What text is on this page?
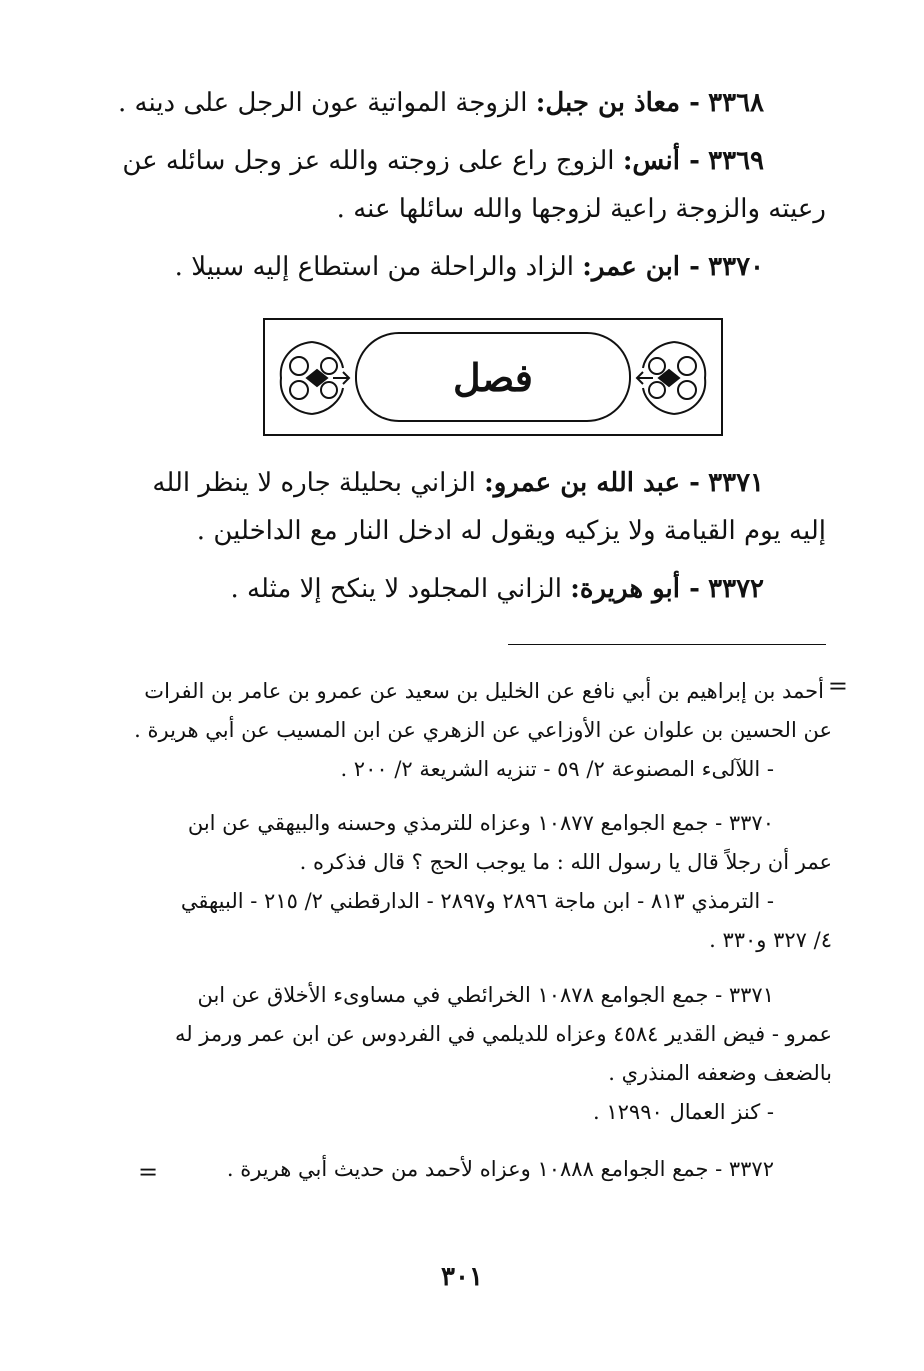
٣٣٦٨ - معاذ بن جبل: الزوجة المواتية عون الرجل على دينه .
٣٣٦٩ - أنس: الزوج راع على زوجته والله عز وجل سائله عن
رعيته والزوجة راعية لزوجها والله سائلها عنه .
٣٣٧٠ - ابن عمر: الزاد والراحلة من استطاع إليه سبيلا .
فصل
٣٣٧١ - عبد الله بن عمرو: الزاني بحليلة جاره لا ينظر الله
إليه يوم القيامة ولا يزكيه ويقول له ادخل النار مع الداخلين .
٣٣٧٢ - أبو هريرة: الزاني المجلود لا ينكح إلا مثله .
=
أحمد بن إبراهيم بن أبي نافع عن الخليل بن سعيد عن عمرو بن عامر بن الفرات
عن الحسين بن علوان عن الأوزاعي عن الزهري عن ابن المسيب عن أبي هريرة .
- اللآلىء المصنوعة ٢/ ٥٩ - تنزيه الشريعة ٢/ ٢٠٠ .
٣٣٧٠ - جمع الجوامع ١٠٨٧٧ وعزاه للترمذي وحسنه والبيهقي عن ابن
عمر أن رجلاً قال يا رسول الله : ما يوجب الحج ؟ قال فذكره .
- الترمذي ٨١٣ - ابن ماجة ٢٨٩٦ و٢٨٩٧ - الدارقطني ٢/ ٢١٥ - البيهقي
٤/ ٣٢٧ و٣٣٠ .
٣٣٧١ - جمع الجوامع ١٠٨٧٨ الخرائطي في مساوىء الأخلاق عن ابن
عمرو - فيض القدير ٤٥٨٤ وعزاه للديلمي في الفردوس عن ابن عمر ورمز له
بالضعف وضعفه المنذري .
- كنز العمال ١٢٩٩٠ .
٣٣٧٢ - جمع الجوامع ١٠٨٨٨ وعزاه لأحمد من حديث أبي هريرة .
=
٣٠١
